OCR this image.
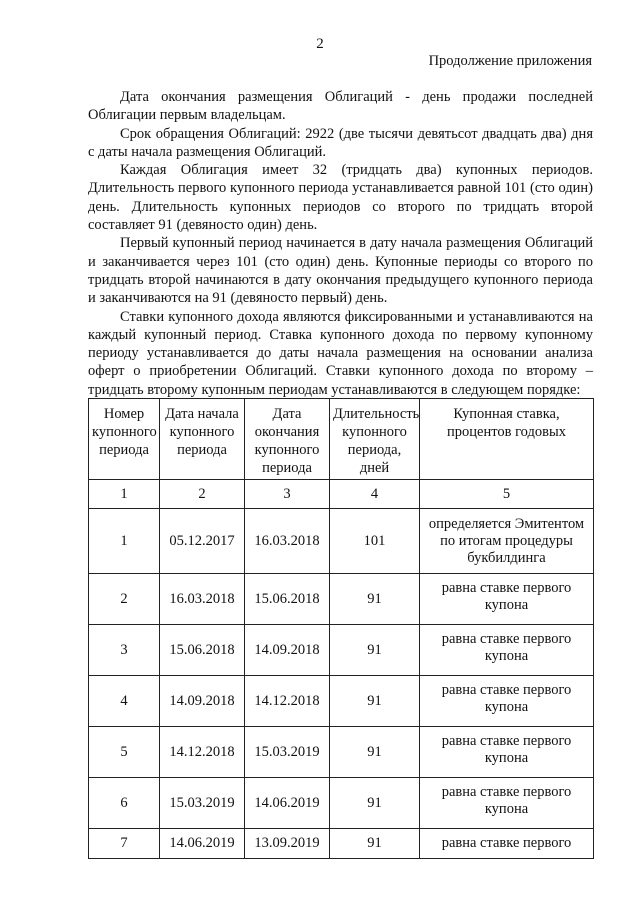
2
Продолжение приложения

Дата окончания размещения Облигаций - день продажи последней Облигации первым владельцам.

Срок обращения Облигаций: 2922 (две тысячи девятьсот двадцать два) дня с даты начала размещения Облигаций.

Каждая Облигация имеет 32 (тридцать два) купонных периодов. Длительность первого купонного периода устанавливается равной 101 (сто один) день. Длительность купонных периодов со второго по тридцать второй составляет 91 (девяносто один) день.

Первый купонный период начинается в дату начала размещения Облигаций и заканчивается через 101 (сто один) день. Купонные периоды со второго по тридцать второй начинаются в дату окончания предыдущего купонного периода и заканчиваются на 91 (девяносто первый) день.

Ставки купонного дохода являются фиксированными и устанавливаются на каждый купонный период. Ставка купонного дохода по первому купонному периоду устанавливается до даты начала размещения на основании анализа оферт о приобретении Облигаций. Ставки купонного дохода по второму – тридцать второму купонным периодам устанавливаются в следующем порядке:

Номер купонного периода	Дата начала купонного периода	Дата окончания купонного периода	Длительность купонного периода, дней	Купонная ставка, процентов годовых
1	2	3	4	5
1	05.12.2017	16.03.2018	101	определяется Эмитентом по итогам процедуры букбилдинга
2	16.03.2018	15.06.2018	91	равна ставке первого купона
3	15.06.2018	14.09.2018	91	равна ставке первого купона
4	14.09.2018	14.12.2018	91	равна ставке первого купона
5	14.12.2018	15.03.2019	91	равна ставке первого купона
6	15.03.2019	14.06.2019	91	равна ставке первого купона
7	14.06.2019	13.09.2019	91	равна ставке первого
